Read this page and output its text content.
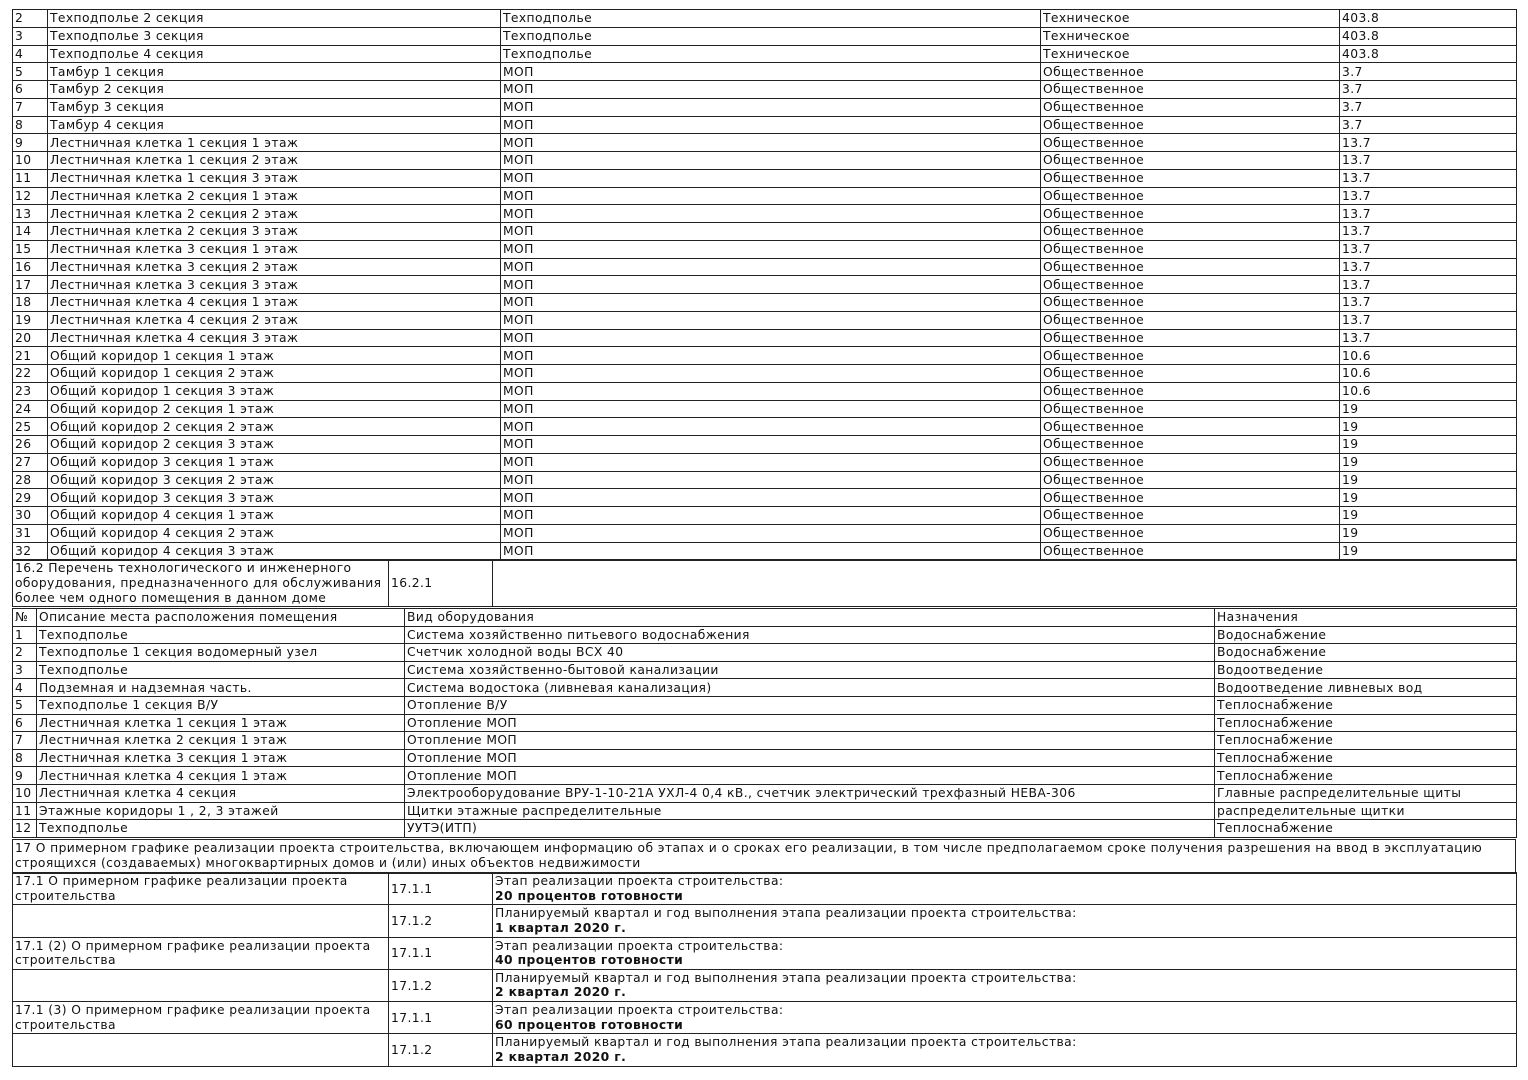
2	Техподполье 2 секция	Техподполье	Техническое	403.8
3	Техподполье 3 секция	Техподполье	Техническое	403.8
4	Техподполье 4 секция	Техподполье	Техническое	403.8
5	Тамбур 1 секция	МОП	Общественное	3.7
6	Тамбур 2 секция	МОП	Общественное	3.7
7	Тамбур 3 секция	МОП	Общественное	3.7
8	Тамбур 4 секция	МОП	Общественное	3.7
9	Лестничная клетка 1 секция 1 этаж	МОП	Общественное	13.7
10	Лестничная клетка 1 секция 2 этаж	МОП	Общественное	13.7
11	Лестничная клетка 1 секция 3 этаж	МОП	Общественное	13.7
12	Лестничная клетка 2 секция 1 этаж	МОП	Общественное	13.7
13	Лестничная клетка 2 секция 2 этаж	МОП	Общественное	13.7
14	Лестничная клетка 2 секция 3 этаж	МОП	Общественное	13.7
15	Лестничная клетка 3 секция 1 этаж	МОП	Общественное	13.7
16	Лестничная клетка 3 секция 2 этаж	МОП	Общественное	13.7
17	Лестничная клетка 3 секция 3 этаж	МОП	Общественное	13.7
18	Лестничная клетка 4 секция 1 этаж	МОП	Общественное	13.7
19	Лестничная клетка 4 секция 2 этаж	МОП	Общественное	13.7
20	Лестничная клетка 4 секция 3 этаж	МОП	Общественное	13.7
21	Общий коридор 1 секция 1 этаж	МОП	Общественное	10.6
22	Общий коридор 1 секция 2 этаж	МОП	Общественное	10.6
23	Общий коридор 1 секция 3 этаж	МОП	Общественное	10.6
24	Общий коридор 2 секция 1 этаж	МОП	Общественное	19
25	Общий коридор 2 секция 2 этаж	МОП	Общественное	19
26	Общий коридор 2 секция 3 этаж	МОП	Общественное	19
27	Общий коридор 3 секция 1 этаж	МОП	Общественное	19
28	Общий коридор 3 секция 2 этаж	МОП	Общественное	19
29	Общий коридор 3 секция 3 этаж	МОП	Общественное	19
30	Общий коридор 4 секция 1 этаж	МОП	Общественное	19
31	Общий коридор 4 секция 2 этаж	МОП	Общественное	19
32	Общий коридор 4 секция 3 этаж	МОП	Общественное	19
16.2 Перечень технологического и инженерного оборудования, предназначенного для обслуживания более чем одного помещения в данном доме	16.2.1	
№	Описание места расположения помещения	Вид оборудования	Назначения
1	Техподполье	Система хозяйственно питьевого водоснабжения	Водоснабжение
2	Техподполье 1 секция водомерный узел	Счетчик холодной воды ВСХ 40	Водоснабжение
3	Техподполье	Система хозяйственно-бытовой канализации	Водоотведение
4	Подземная и надземная часть.	Система водостока (ливневая канализация)	Водоотведение ливневых вод
5	Техподполье 1 секция В/У	Отопление В/У	Теплоснабжение
6	Лестничная клетка 1 секция 1 этаж	Отопление МОП	Теплоснабжение
7	Лестничная клетка 2 секция 1 этаж	Отопление МОП	Теплоснабжение
8	Лестничная клетка 3 секция 1 этаж	Отопление МОП	Теплоснабжение
9	Лестничная клетка 4 секция 1 этаж	Отопление МОП	Теплоснабжение
10	Лестничная клетка 4 секция	Электрооборудование ВРУ-1-10-21А УХЛ-4 0,4 кВ., счетчик электрический трехфазный НЕВА-306	Главные распределительные щиты
11	Этажные коридоры 1 , 2, 3 этажей	Щитки этажные распределительные	распределительные щитки
12	Техподполье	УУТЭ(ИТП)	Теплоснабжение
17 О примерном графике реализации проекта строительства, включающем информацию об этапах и о сроках его реализации, в том числе предполагаемом сроке получения разрешения на ввод в эксплуатацию строящихся (создаваемых) многоквартирных домов и (или) иных объектов недвижимости
17.1 О примерном графике реализации проекта строительства	17.1.1	Этап реализации проекта строительства:
20 процентов готовности

	17.1.2	Планируемый квартал и год выполнения этапа реализации проекта строительства:
1 квартал 2020 г.

17.1 (2) О примерном графике реализации проекта строительства	17.1.1	Этап реализации проекта строительства:
40 процентов готовности

	17.1.2	Планируемый квартал и год выполнения этапа реализации проекта строительства:
2 квартал 2020 г.

17.1 (3) О примерном графике реализации проекта строительства	17.1.1	Этап реализации проекта строительства:
60 процентов готовности

	17.1.2	Планируемый квартал и год выполнения этапа реализации проекта строительства:
2 квартал 2020 г.
